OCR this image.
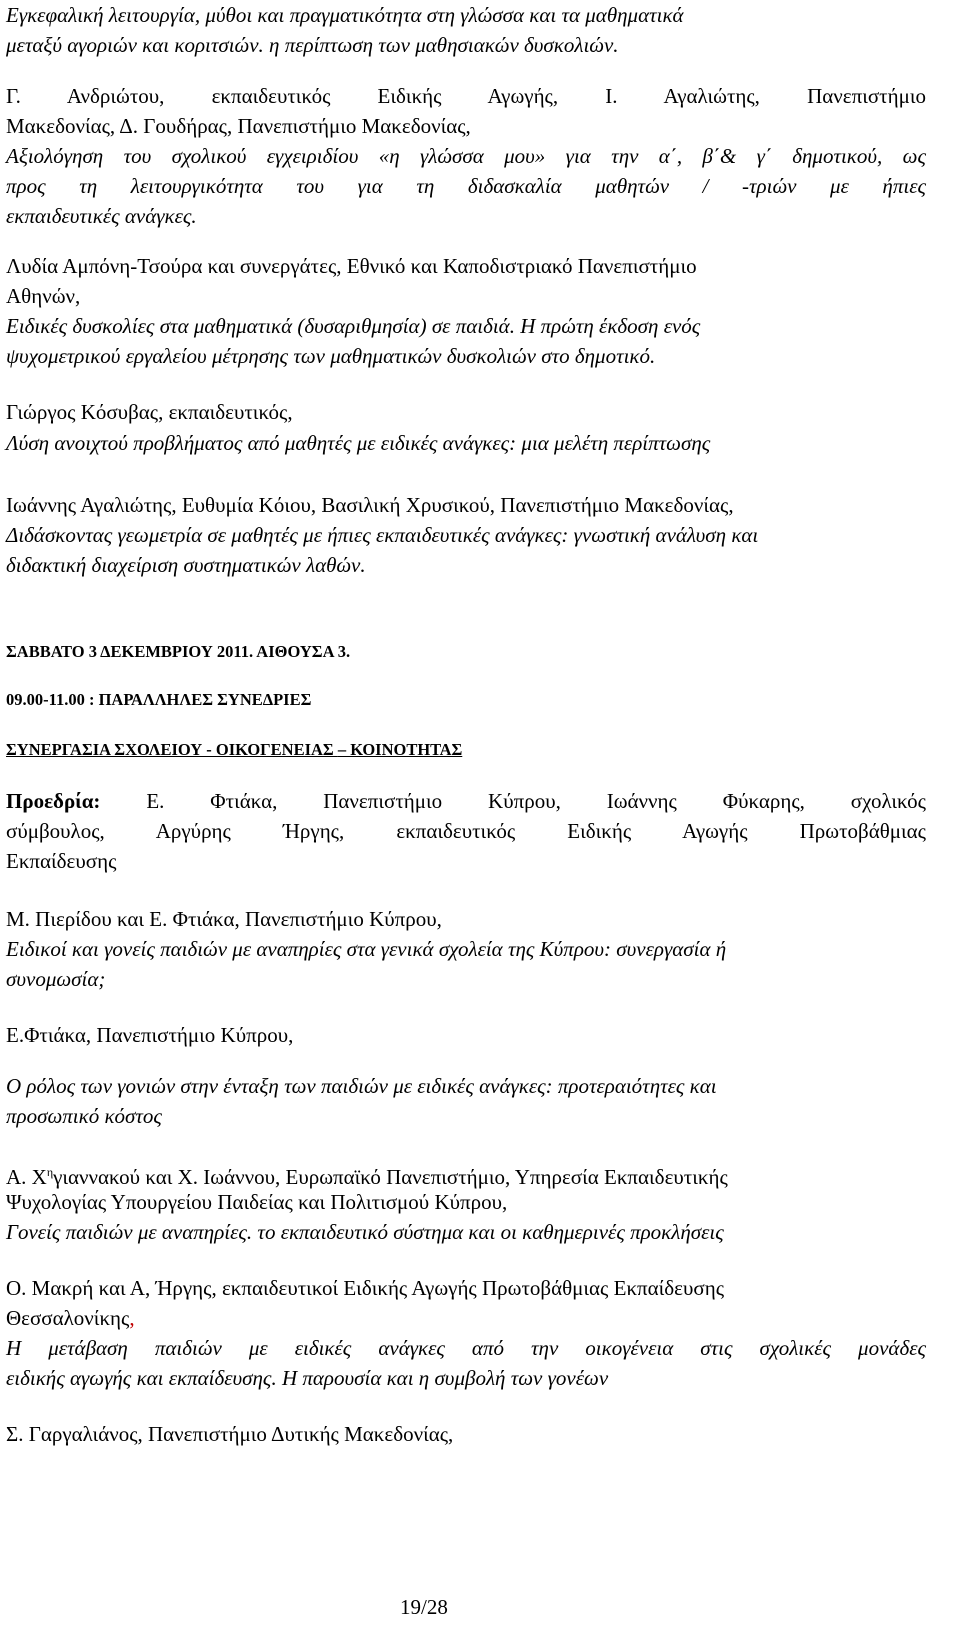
Εγκεφαλική λειτουργία, μύθοι και πραγματικότητα στη γλώσσα και τα μαθηματικά
μεταξύ αγοριών και κοριτσιών. η περίπτωση των μαθησιακών δυσκολιών.
Γ. Ανδριώτου, εκπαιδευτικός Ειδικής Αγωγής, Ι. Αγαλιώτης, Πανεπιστήμιο
Μακεδονίας, Δ. Γουδήρας, Πανεπιστήμιο Μακεδονίας,
Αξιολόγηση του σχολικού εγχειριδίου «η γλώσσα μου» για την α΄, β΄& γ΄ δημοτικού, ως
προς τη λειτουργικότητα του για τη διδασκαλία μαθητών / -τριών με ήπιες
εκπαιδευτικές ανάγκες.
Λυδία Αμπόνη-Τσούρα και συνεργάτες, Εθνικό και Καποδιστριακό Πανεπιστήμιο
Αθηνών,
Ειδικές δυσκολίες στα μαθηματικά (δυσαριθμησία) σε παιδιά. Η πρώτη έκδοση ενός
ψυχομετρικού εργαλείου μέτρησης των μαθηματικών δυσκολιών στο δημοτικό.
Γιώργος Κόσυβας, εκπαιδευτικός,
Λύση ανοιχτού προβλήματος από μαθητές με ειδικές ανάγκες: μια μελέτη περίπτωσης
Ιωάννης Αγαλιώτης, Ευθυμία Κόιου, Βασιλική Χρυσικού, Πανεπιστήμιο Μακεδονίας,
Διδάσκοντας γεωμετρία σε μαθητές με ήπιες εκπαιδευτικές ανάγκες: γνωστική ανάλυση και
διδακτική διαχείριση συστηματικών λαθών.
ΣΑΒΒΑΤΟ 3 ΔΕΚΕΜΒΡΙΟΥ 2011. ΑΙΘΟΥΣΑ 3.
09.00-11.00 : ΠΑΡΑΛΛΗΛΕΣ ΣΥΝΕΔΡΙΕΣ
ΣΥΝΕΡΓΑΣΙΑ ΣΧΟΛΕΙΟΥ - ΟΙΚΟΓΕΝΕΙΑΣ – ΚΟΙΝΟΤΗΤΑΣ
Προεδρία: Ε. Φτιάκα, Πανεπιστήμιο Κύπρου, Ιωάννης Φύκαρης, σχολικός
σύμβουλος, Αργύρης Ήργης, εκπαιδευτικός Ειδικής Αγωγής Πρωτοβάθμιας
Εκπαίδευσης
Μ. Πιερίδου και Ε. Φτιάκα, Πανεπιστήμιο Κύπρου,
Ειδικοί και γονείς παιδιών με αναπηρίες στα γενικά σχολεία της Κύπρου: συνεργασία ή
συνομωσία;
Ε.Φτιάκα, Πανεπιστήμιο Κύπρου,
Ο ρόλος των γονιών στην ένταξη των παιδιών με ειδικές ανάγκες: προτεραιότητες και
προσωπικό κόστος
Α. $X^\eta\gamma\iota\alpha\nu\nu\alpha\kappa oύ$ και Χ. Ιωάννου, Ευρωπαϊκό Πανεπιστήμιο, Υπηρεσία Εκπαιδευτικής
Ψυχολογίας Υπουργείου Παιδείας και Πολιτισμού Κύπρου,
Γονείς παιδιών με αναπηρίες. το εκπαιδευτικό σύστημα και οι καθημερινές προκλήσεις
Ο. Μακρή και Α, Ήργης, εκπαιδευτικοί Ειδικής Αγωγής Πρωτοβάθμιας Εκπαίδευσης
Θεσσαλονίκης,
Η μετάβαση παιδιών με ειδικές ανάγκες από την οικογένεια στις σχολικές μονάδες
ειδικής αγωγής και εκπαίδευσης. Η παρουσία και η συμβολή των γονέων
Σ. Γαργαλιάνος, Πανεπιστήμιο Δυτικής Μακεδονίας,
19/28
